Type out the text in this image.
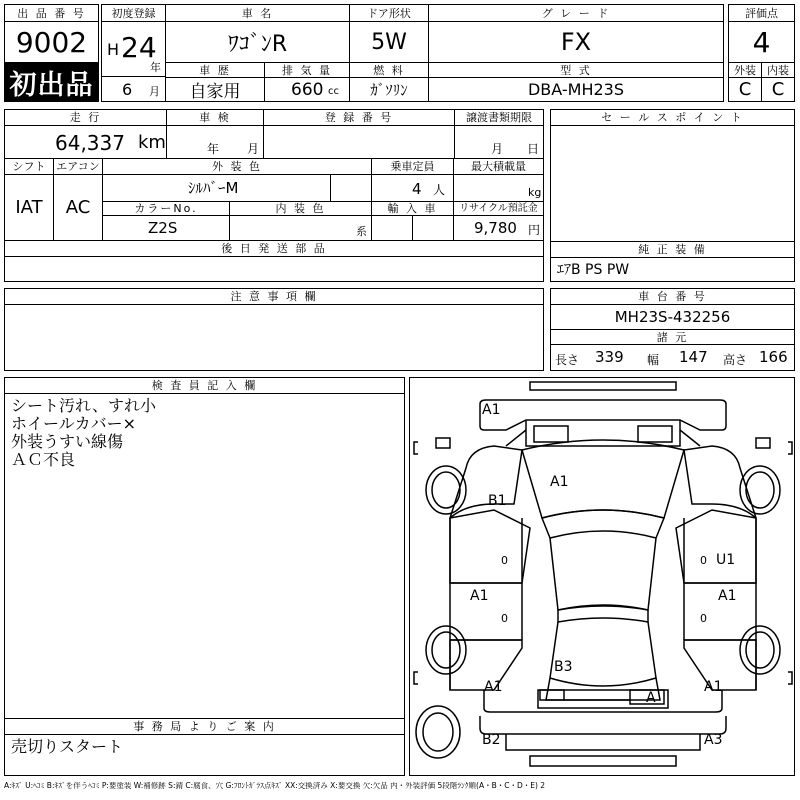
出 品 番 号
9002
初出品
初度登録
H 24
年
6 月
車 名
ﾜｺﾞﾝR
ドア形状
5W
グ レ ー ド
FX
評価点
4
車 歴
自家用
排 気 量
660 cc
燃 料
ｶﾞｿﾘﾝ
型 式
DBA-MH23S
外装	内装
C C
走 行
64,337 km
車 検
年 月
登 録 番 号	譲渡書類期限
月 日
シフト
IAT
エアコン
AC
外 装 色
ｼﾙﾊﾞｰM
乗車定員
4 人
最大積載量
kg
カラーNo.
Z2S
内 装 色
系
輸 入 車	リサイクル預託金
9,780 円
後 日 発 送 部 品
セ ー ル ス ポ イ ン ト
純 正 装 備
ｴｱB PS PW
注 意 事 項 欄	車 台 番 号
MH23S-432256
諸 元
長さ 339 幅 147 高さ 166
検 査 員 記 入 欄
シート汚れ、すれ小
ホイールカバー×
外装うすい線傷
ＡＣ不良
事 務 局 よ り ご 案 内
売切りスタート
A1
A1
B1
U1
A1	A1
B3
A1	A1
A
B2	A3
0	0
0	0
A:ｷｽﾞ U:ﾍｺﾐ B:ｷｽﾞを伴うﾍｺﾐ P:要塗装 W:補修跡 S:錆 C:腐食、穴 G:ﾌﾛﾝﾄｶﾞﾗｽ点ｷｽﾞ XX:交換済み X:要交換 欠:欠品 内・外装評価 5段階ﾗﾝｸ順(A・B・C・D・E) 2
